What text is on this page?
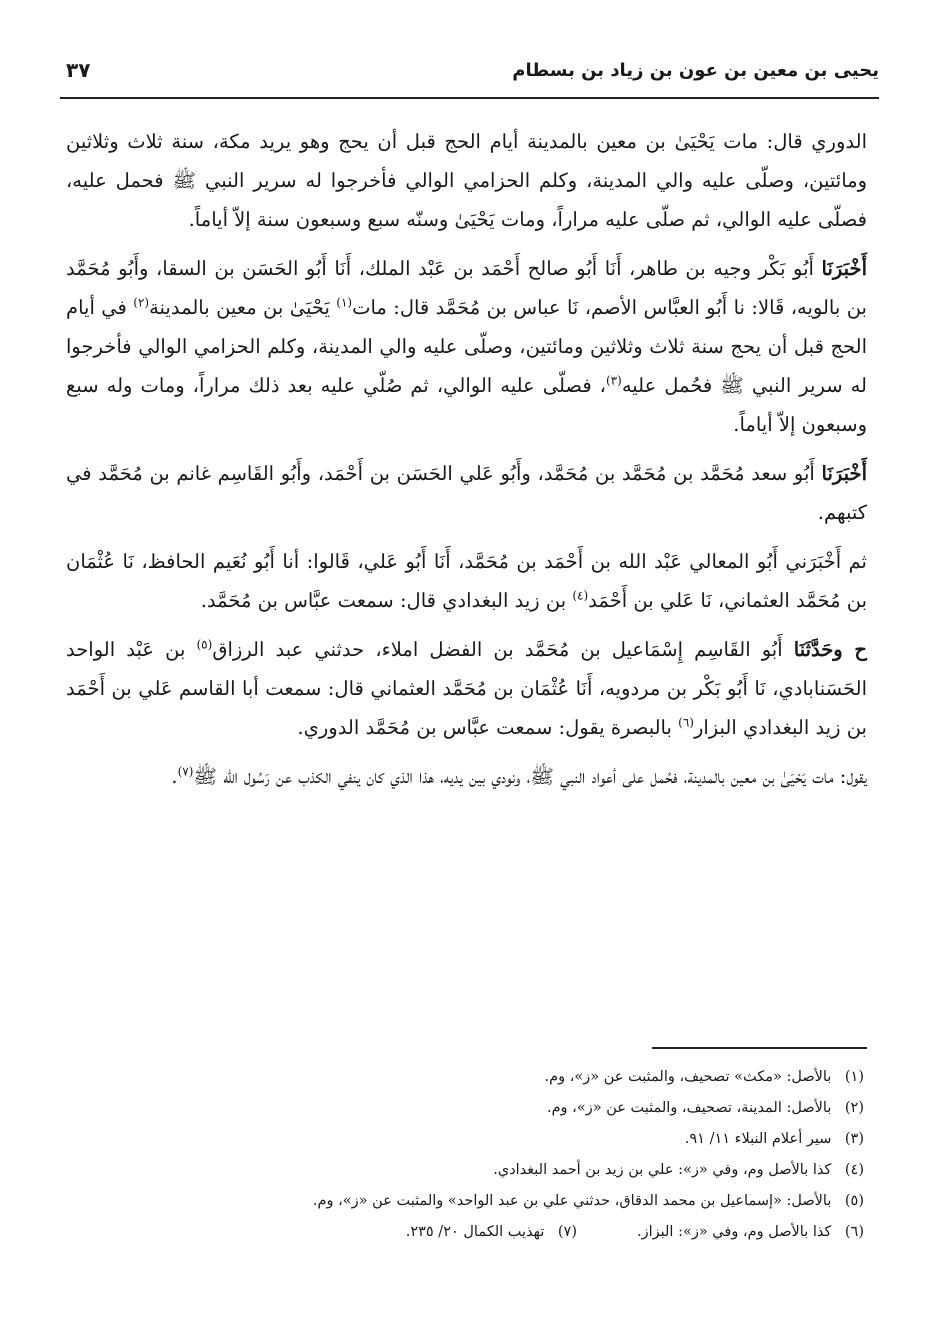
يحيى بن معين بن عون بن زياد بن بسطام
٣٧

الدوري قال: مات يَحْيَىٰ بن معين بالمدينة أيام الحج قبل أن يحج وهو يريد مكة، سنة ثلاث وثلاثين ومائتين، وصلّى عليه والي المدينة، وكلم الحزامي الوالي فأخرجوا له سرير النبي ﷺ فحمل عليه، فصلّى عليه الوالي، ثم صلّى عليه مراراً، ومات يَحْيَىٰ وسنّه سبع وسبعون سنة إلاّ أياماً.

أَخْبَرَنَا أَبُو بَكْر وجيه بن طاهر، أَنَا أَبُو صالح أَحْمَد بن عَبْد الملك، أَنَا أَبُو الحَسَن بن السقا، وأَبُو مُحَمَّد بن بالويه، قَالا: نا أَبُو العبَّاس الأصم، نَا عباس بن مُحَمَّد قال: مات$^{(١)}$ يَحْيَىٰ بن معين بالمدينة$^{(٢)}$ في أيام الحج قبل أن يحج سنة ثلاث وثلاثين ومائتين، وصلّى عليه والي المدينة، وكلم الحزامي الوالي فأخرجوا له سرير النبي ﷺ فحُمل عليه$^{(٣)}$، فصلّى عليه الوالي، ثم صُلّي عليه بعد ذلك مراراً، ومات وله سبع وسبعون إلاّ أياماً.

أَخْبَرَنَا أَبُو سعد مُحَمَّد بن مُحَمَّد بن مُحَمَّد، وأَبُو عَلي الحَسَن بن أَحْمَد، وأَبُو القَاسِم غانم بن مُحَمَّد في كتبهم.

ثم أَخْبَرَني أَبُو المعالي عَبْد الله بن أَحْمَد بن مُحَمَّد، أَنَا أَبُو عَلي، قَالوا: أنا أَبُو نُعَيم الحافظ، نَا عُثْمَان بن مُحَمَّد العثماني، نَا عَلي بن أَحْمَد$^{(٤)}$ بن زيد البغدادي قال: سمعت عبَّاس بن مُحَمَّد.

ح وحَدَّثَنَا أَبُو القَاسِم إِسْمَاعيل بن مُحَمَّد بن الفضل املاء، حدثني عبد الرزاق$^{(٥)}$ بن عَبْد الواحد الحَسَنابادي، نَا أَبُو بَكْر بن مردويه، أَنَا عُثْمَان بن مُحَمَّد العثماني قال: سمعت أبا القاسم عَلي بن أَحْمَد بن زيد البغدادي البزار$^{(٦)}$ بالبصرة يقول: سمعت عبَّاس بن مُحَمَّد الدوري.

يقول: مات يَحْيَىٰ بن معين بالمدينة، فحُمل على أعواد النبي ﷺ، ونودي بين يديه، هذا الذي كان ينفي الكذب عن رَسُول الله ﷺ$^{(٧)}$.

(١) بالأصل: «مكث» تصحيف، والمثبت عن «ز»، وم.
(٢) بالأصل: المدينة، تصحيف، والمثبت عن «ز»، وم.
(٣) سير أعلام النبلاء ١١/ ٩١.
(٤) كذا بالأصل وم، وفي «ز»: علي بن زيد بن أحمد البغدادي.
(٥) بالأصل: «إسماعيل بن محمد الدقاق، حدثني علي بن عبد الواحد» والمثبت عن «ز»، وم.
(٦) كذا بالأصل وم، وفي «ز»: البزاز.
(٧) تهذيب الكمال ٢٠/ ٢٣٥.
